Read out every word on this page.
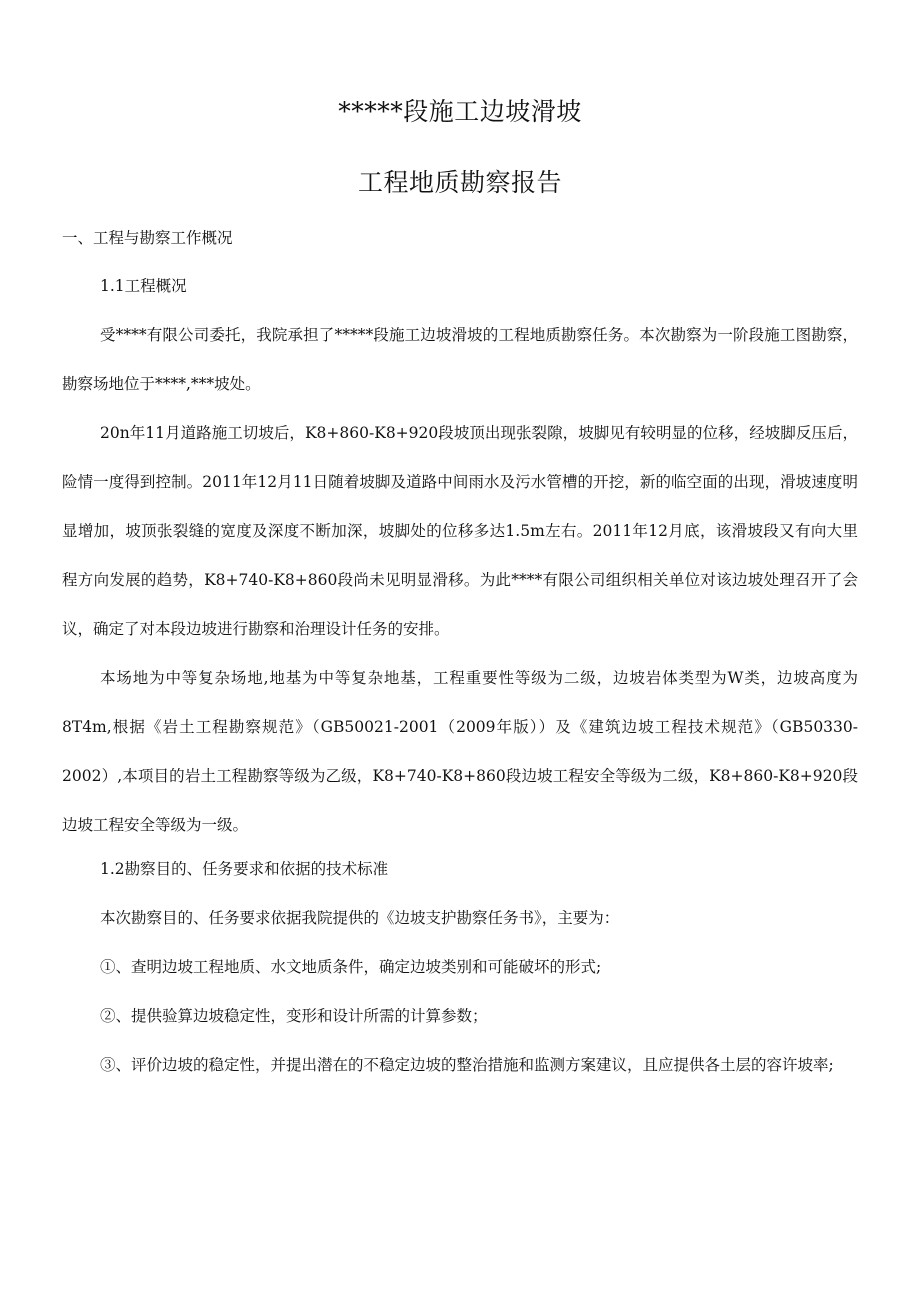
*****段施工边坡滑坡
工程地质勘察报告
一、工程与勘察工作概况
1.1工程概况
受****有限公司委托，我院承担了*****段施工边坡滑坡的工程地质勘察任务。本次勘察为一阶段施工图勘察，勘察场地位于****,***坡处。
20n年11月道路施工切坡后，K8+860-K8+920段坡顶出现张裂隙，坡脚见有较明显的位移，经坡脚反压后，险情一度得到控制。2011年12月11日随着坡脚及道路中间雨水及污水管槽的开挖，新的临空面的出现，滑坡速度明显增加，坡顶张裂缝的宽度及深度不断加深，坡脚处的位移多达1.5m左右。2011年12月底，该滑坡段又有向大里程方向发展的趋势，K8+740-K8+860段尚未见明显滑移。为此****有限公司组织相关单位对该边坡处理召开了会议，确定了对本段边坡进行勘察和治理设计任务的安排。
本场地为中等复杂场地,地基为中等复杂地基，工程重要性等级为二级，边坡岩体类型为W类，边坡高度为8T4m,根据《岩土工程勘察规范》（GB50021-2001（2009年版））及《建筑边坡工程技术规范》（GB50330-2002）,本项目的岩土工程勘察等级为乙级，K8+740-K8+860段边坡工程安全等级为二级，K8+860-K8+920段边坡工程安全等级为一级。
1.2勘察目的、任务要求和依据的技术标准
本次勘察目的、任务要求依据我院提供的《边坡支护勘察任务书》，主要为：
①、查明边坡工程地质、水文地质条件，确定边坡类别和可能破坏的形式;
②、提供验算边坡稳定性，变形和设计所需的计算参数；
③、评价边坡的稳定性，并提出潜在的不稳定边坡的整治措施和监测方案建议，且应提供各土层的容许坡率;
